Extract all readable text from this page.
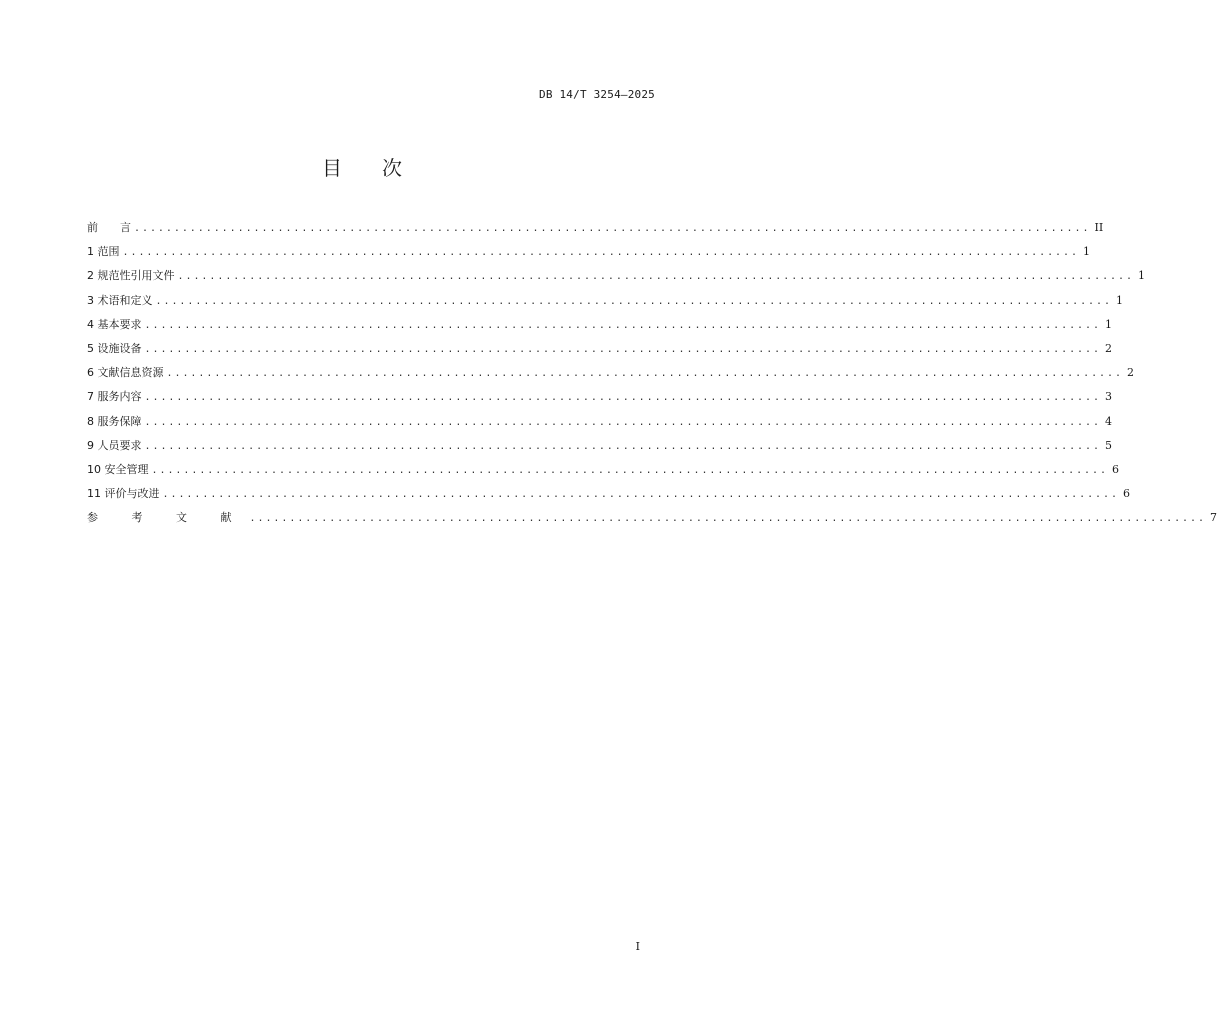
DB 14/T 3254—2025
目　　次
前　　言 ........................................................................................................................ II
1 范围 ........................................................................................................................ 1
2 规范性引用文件 ........................................................................................................................ 1
3 术语和定义 ........................................................................................................................ 1
4 基本要求 ........................................................................................................................ 1
5 设施设备 ........................................................................................................................ 2
6 文献信息资源 ........................................................................................................................ 2
7 服务内容 ........................................................................................................................ 3
8 服务保障 ........................................................................................................................ 4
9 人员要求 ........................................................................................................................ 5
10 安全管理 ........................................................................................................................ 6
11 评价与改进 ........................................................................................................................ 6
参 考 文 献 ........................................................................................................................ 7
I
